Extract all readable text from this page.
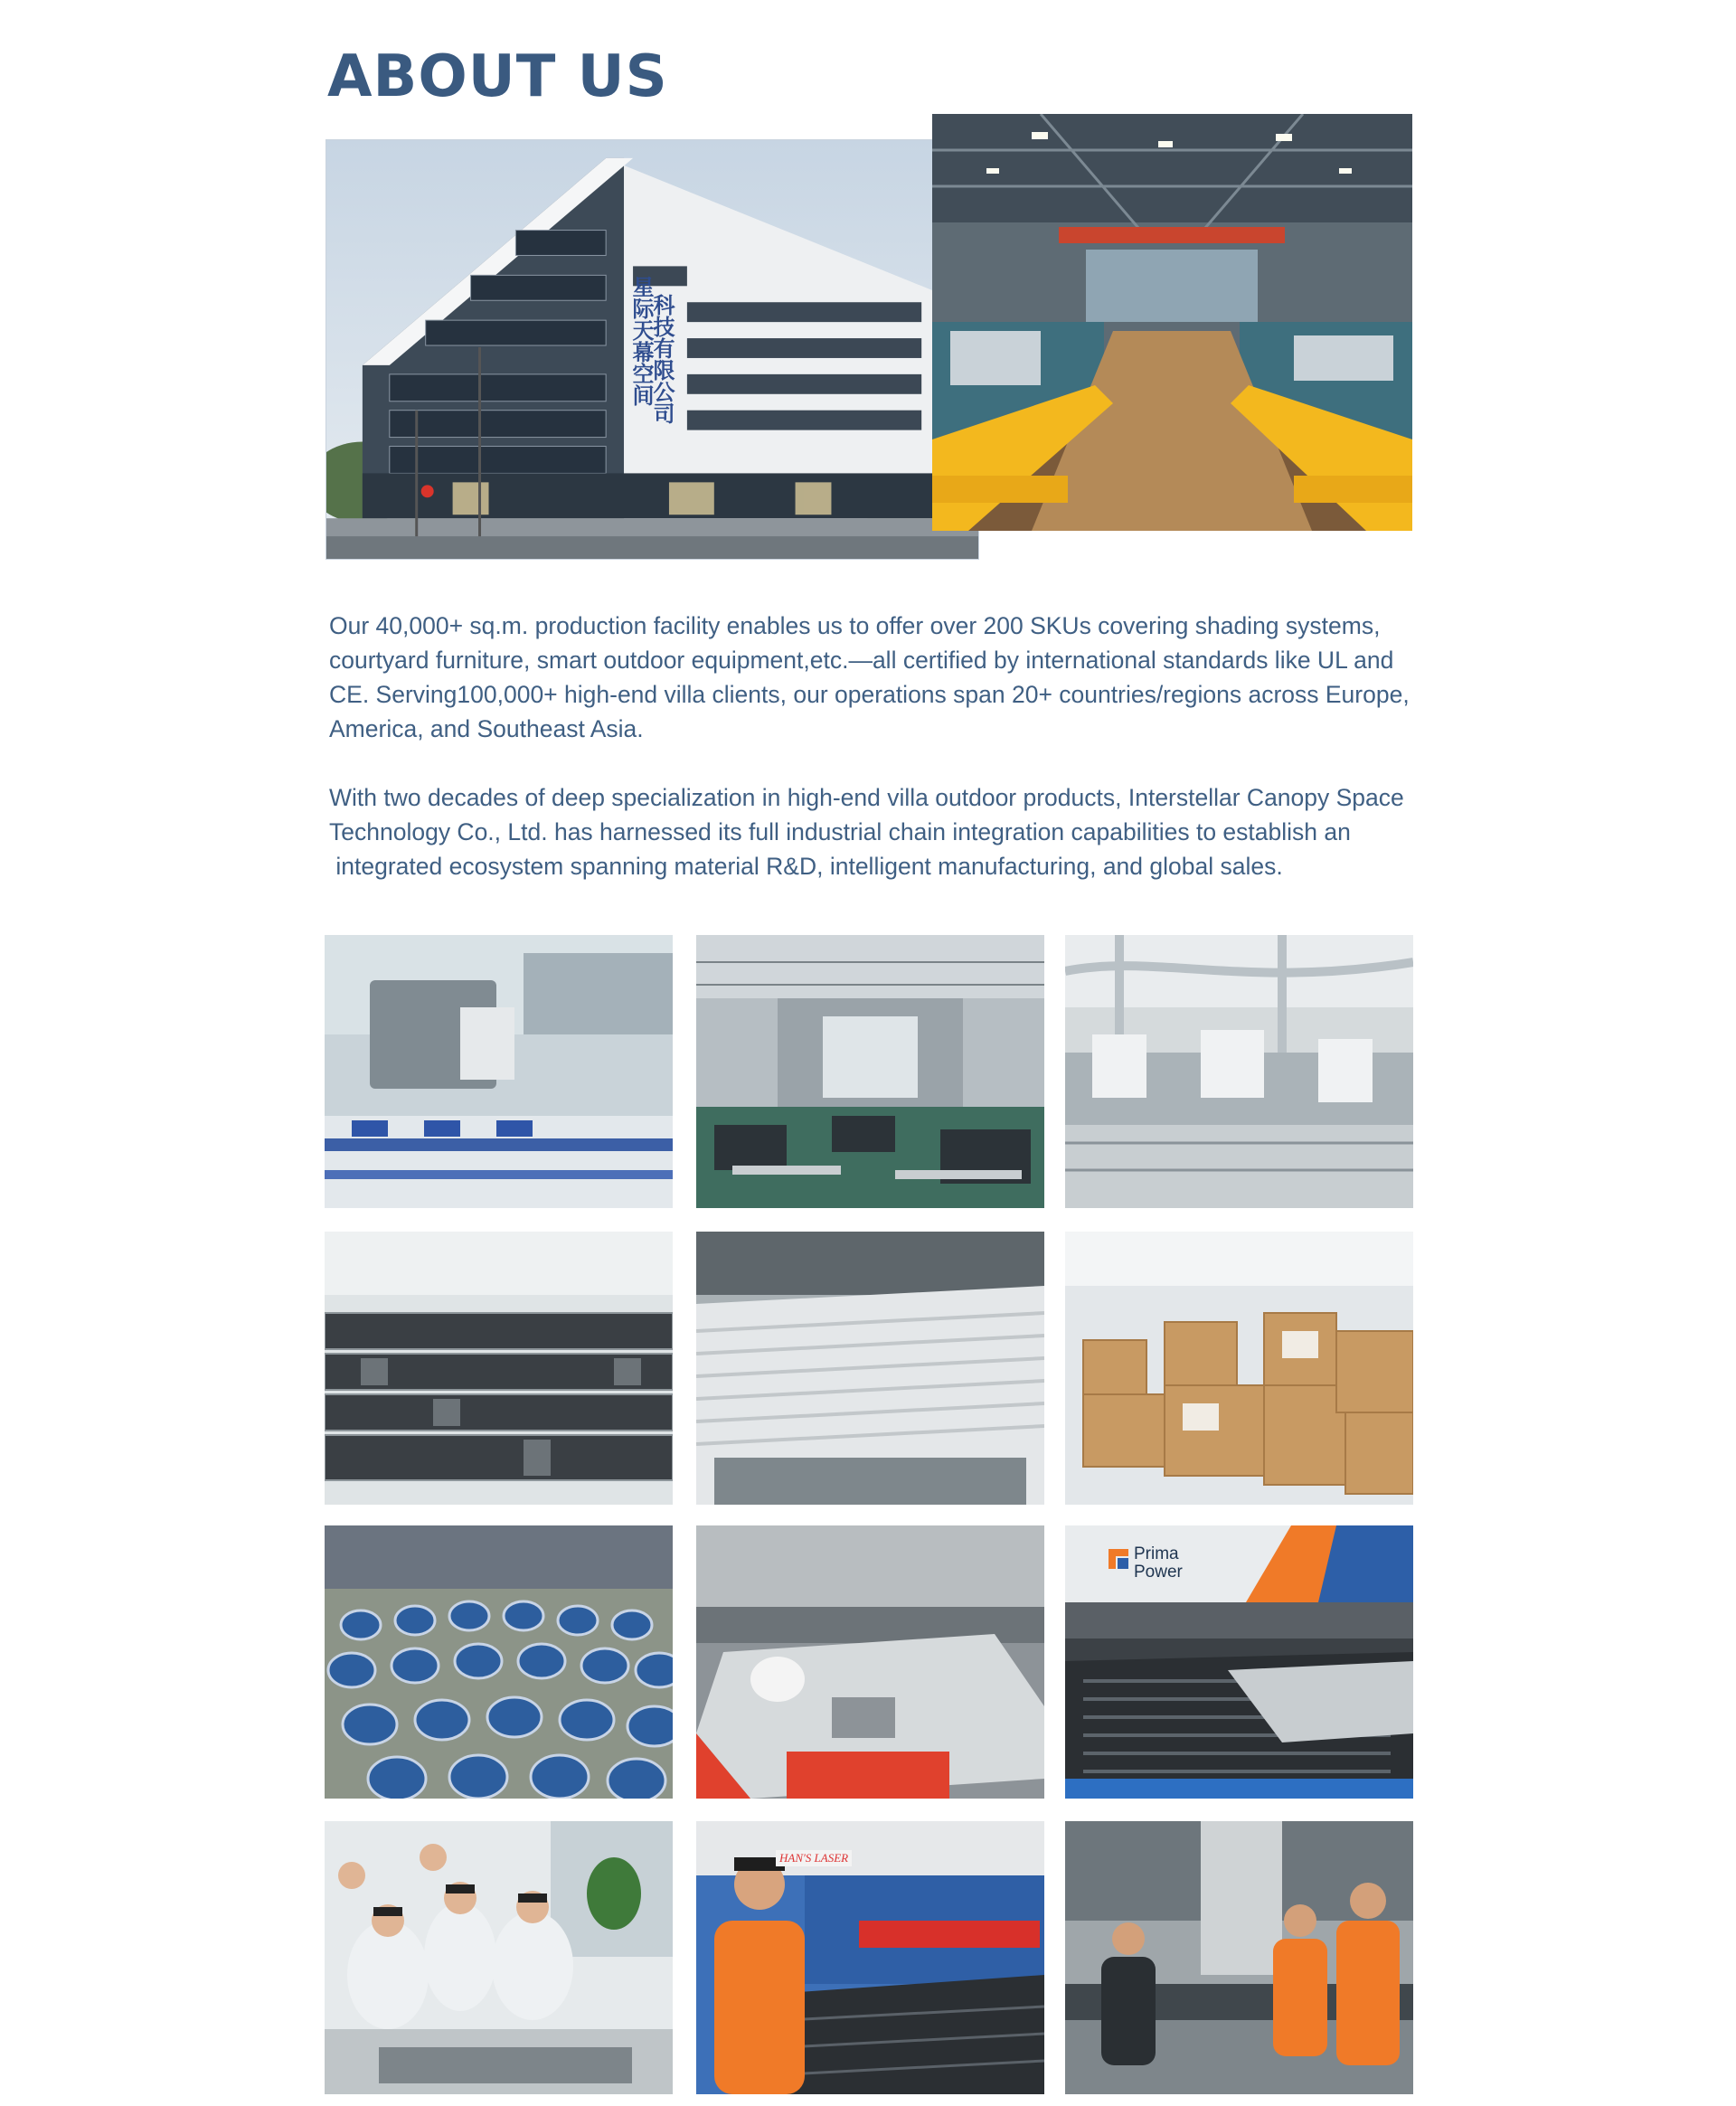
ABOUT US
星际天幕空间
科技有限公司

Our 40,000+ sq.m. production facility enables us to offer over 200 SKUs covering shading systems,
courtyard furniture, smart outdoor equipment,etc.—all certified by international standards like UL and
CE. Serving100,000+ high-end villa clients, our operations span 20+ countries/regions across Europe,
America, and Southeast Asia.

With two decades of deep specialization in high-end villa outdoor products, Interstellar Canopy Space
Technology Co., Ltd. has harnessed its full industrial chain integration capabilities to establish an
integrated ecosystem spanning material R&D, intelligent manufacturing, and global sales.

Prima
Power
HAN'S LASER
